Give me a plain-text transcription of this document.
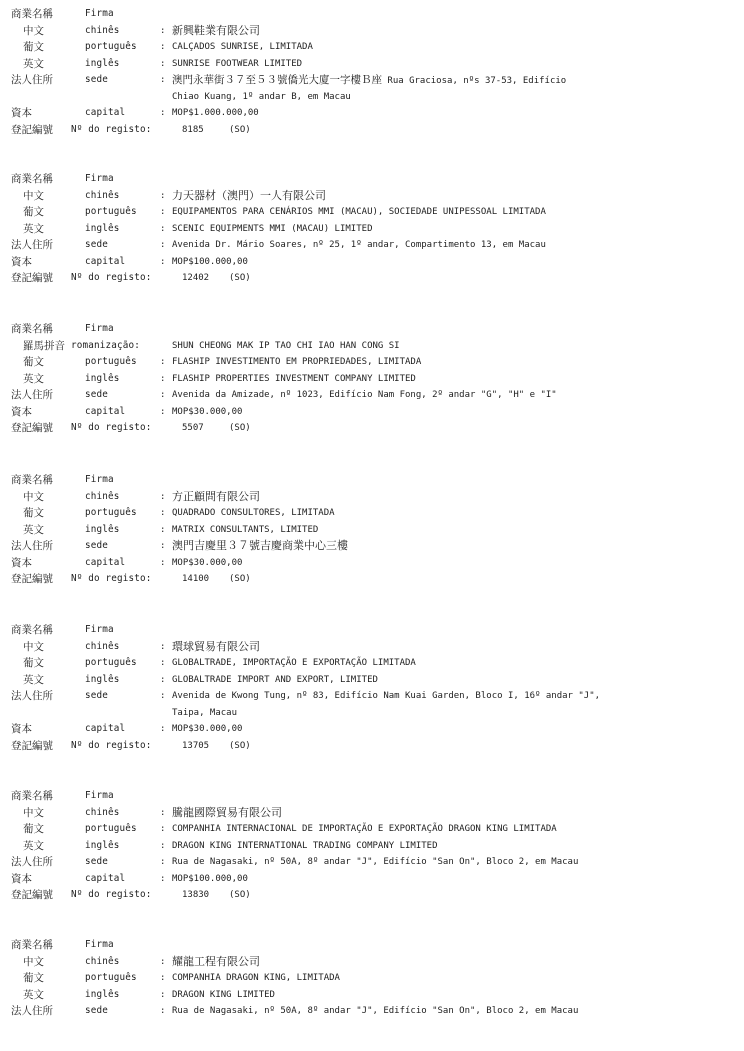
商業名稱	Firma
中文	chinês	: 新興鞋業有限公司
葡文	português	: CALÇADOS SUNRISE, LIMITADA
英文	inglês	: SUNRISE FOOTWEAR LIMITED
法人住所	sede	: 澳門永華街３７至５３號僑光大廈一字樓Ｂ座 Rua Graciosa, nºs 37-53, Edifício
Chiao Kuang, 1º andar B, em Macau
資本	capital	: MOP$1.000.000,00
登記編號 Nº do registo:	8185	(SO)
商業名稱	Firma
中文	chinês	: 力天器材（澳門）一人有限公司
葡文	português	: EQUIPAMENTOS PARA CENÁRIOS MMI (MACAU), SOCIEDADE UNIPESSOAL LIMITADA
英文	inglês	: SCENIC EQUIPMENTS MMI (MACAU) LIMITED
法人住所	sede	: Avenida Dr. Mário Soares, nº 25, 1º andar, Compartimento 13, em Macau
資本	capital	: MOP$100.000,00
登記編號 Nº do registo:	12402 (SO)
商業名稱	Firma
羅馬拼音 romanização:	SHUN CHEONG MAK IP TAO CHI IAO HAN CONG SI
葡文	português	: FLASHIP INVESTIMENTO EM PROPRIEDADES, LIMITADA
英文	inglês	: FLASHIP PROPERTIES INVESTMENT COMPANY LIMITED
法人住所	sede	: Avenida da Amizade, nº 1023, Edifício Nam Fong, 2º andar "G", "H" e "I"
資本	capital	: MOP$30.000,00
登記編號 Nº do registo:	5507	(SO)
商業名稱	Firma
中文	chinês	: 方正顧問有限公司
葡文	português	: QUADRADO CONSULTORES, LIMITADA
英文	inglês	: MATRIX CONSULTANTS, LIMITED
法人住所	sede	: 澳門吉慶里３７號吉慶商業中心三樓
資本	capital	: MOP$30.000,00
登記編號 Nº do registo:	14100 (SO)
商業名稱	Firma
中文	chinês	: 環球貿易有限公司
葡文	português	: GLOBALTRADE, IMPORTAÇÃO E EXPORTAÇÃO LIMITADA
英文	inglês	: GLOBALTRADE IMPORT AND EXPORT, LIMITED
法人住所	sede	: Avenida de Kwong Tung, nº 83, Edifício Nam Kuai Garden, Bloco I, 16º andar "J",
Taipa, Macau
資本	capital	: MOP$30.000,00
登記編號 Nº do registo:	13705 (SO)
商業名稱	Firma
中文	chinês	: 騰龍國際貿易有限公司
葡文	português	: COMPANHIA INTERNACIONAL DE IMPORTAÇÃO E EXPORTAÇÃO DRAGON KING LIMITADA
英文	inglês	: DRAGON KING INTERNATIONAL TRADING COMPANY LIMITED
法人住所	sede	: Rua de Nagasaki, nº 50A, 8º andar "J", Edifício "San On", Bloco 2, em Macau
資本	capital	: MOP$100.000,00
登記編號 Nº do registo:	13830 (SO)
商業名稱	Firma
中文	chinês	: 耀龍工程有限公司
葡文	português	: COMPANHIA DRAGON KING, LIMITADA
英文	inglês	: DRAGON KING LIMITED
法人住所	sede	: Rua de Nagasaki, nº 50A, 8º andar "J", Edifício "San On", Bloco 2, em Macau
